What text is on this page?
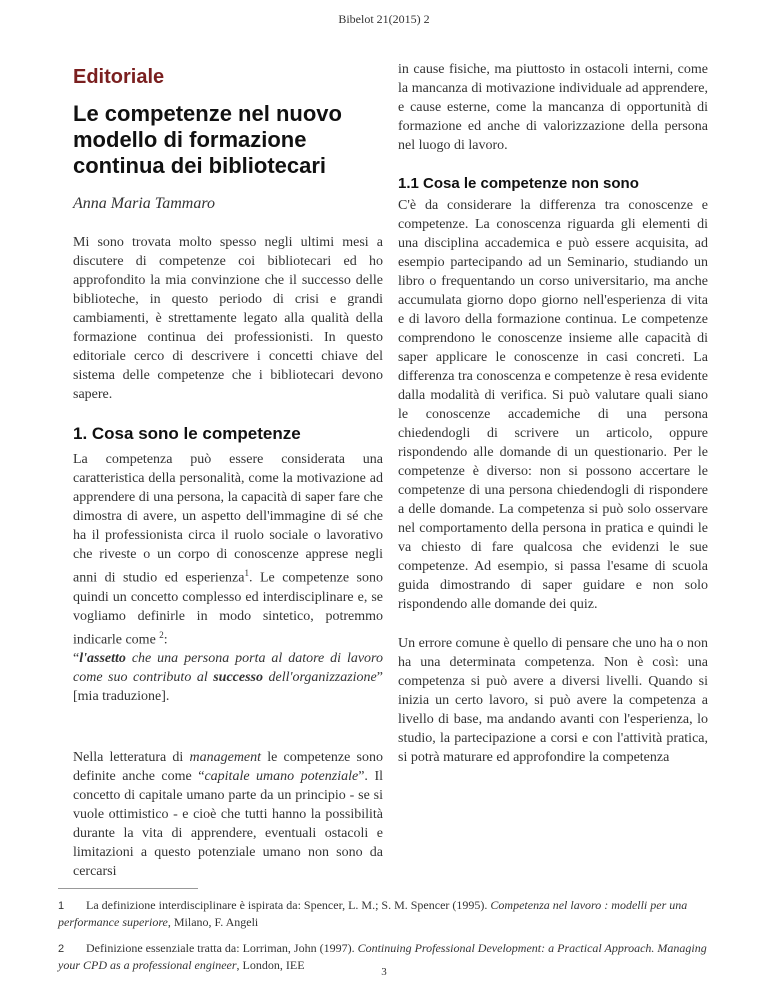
Bibelot 21(2015) 2
Editoriale
Le competenze nel nuovo modello di formazione continua dei bibliotecari
Anna Maria Tammaro

Mi sono trovata molto spesso negli ultimi mesi a discutere di competenze coi bibliotecari ed ho approfondito la mia convinzione che il successo delle biblioteche, in questo periodo di crisi e grandi cambiamenti, è strettamente legato alla qualità della formazione continua dei professionisti. In questo editoriale cerco di descrivere i concetti chiave del sistema delle competenze che i bibliotecari devono sapere.

1. Cosa sono le competenze

La competenza può essere considerata una caratteristica della personalità, come la motivazione ad apprendere di una persona, la capacità di saper fare che dimostra di avere, un aspetto dell'immagine di sé che ha il professionista circa il ruolo sociale o lavorativo che riveste o un corpo di conoscenze apprese negli anni di studio ed esperienza$^1$. Le competenze sono quindi un concetto complesso ed interdisciplinare e, se vogliamo definirle in modo sintetico, potremmo indicarle come $^2$:

“l'assetto che una persona porta al datore di lavoro come suo contributo al successo dell'organizzazione” [mia traduzione].

Nella letteratura di management le competenze sono definite anche come “capitale umano potenziale”. Il concetto di capitale umano parte da un principio - se si vuole ottimistico - e cioè che tutti hanno la possibilità durante la vita di apprendere, eventuali ostacoli e limitazioni a questo potenziale umano non sono da cercarsi

in cause fisiche, ma piuttosto in ostacoli interni, come la mancanza di motivazione individuale ad apprendere, e cause esterne, come la mancanza di opportunità di formazione ed anche di valorizzazione della persona nel luogo di lavoro.

1.1 Cosa le competenze non sono

C'è da considerare la differenza tra conoscenze e competenze. La conoscenza riguarda gli elementi di una disciplina accademica e può essere acquisita, ad esempio partecipando ad un Seminario, studiando un libro o frequentando un corso universitario, ma anche accumulata giorno dopo giorno nell'esperienza di vita e di lavoro della formazione continua. Le competenze comprendono le conoscenze insieme alle capacità di saper applicare le conoscenze in casi concreti. La differenza tra conoscenza e competenze è resa evidente dalla modalità di verifica. Si può valutare quali siano le conoscenze accademiche di una persona chiedendogli di scrivere un articolo, oppure rispondendo alle domande di un questionario. Per le competenze è diverso: non si possono accertare le competenze di una persona chiedendogli di rispondere a delle domande. La competenza si può solo osservare nel comportamento della persona in pratica e quindi le va chiesto di fare qualcosa che evidenzi le sue competenze. Ad esempio, si passa l'esame di scuola guida dimostrando di saper guidare e non solo rispondendo alle domande dei quiz.

Un errore comune è quello di pensare che uno ha o non ha una determinata competenza. Non è così: una competenza si può avere a diversi livelli. Quando si inizia un certo lavoro, si può avere la competenza a livello di base, ma andando avanti con l'esperienza, lo studio, la partecipazione a corsi e con l'attività pratica, si potrà maturare ed approfondire la competenza

1 La definizione interdisciplinare è ispirata da: Spencer, L. M.; S. M. Spencer (1995). Competenza nel lavoro : modelli per una performance superiore, Milano, F. Angeli
2 Definizione essenziale tratta da: Lorriman, John (1997). Continuing Professional Development: a Practical Approach. Managing your CPD as a professional engineer, London, IEE	3
